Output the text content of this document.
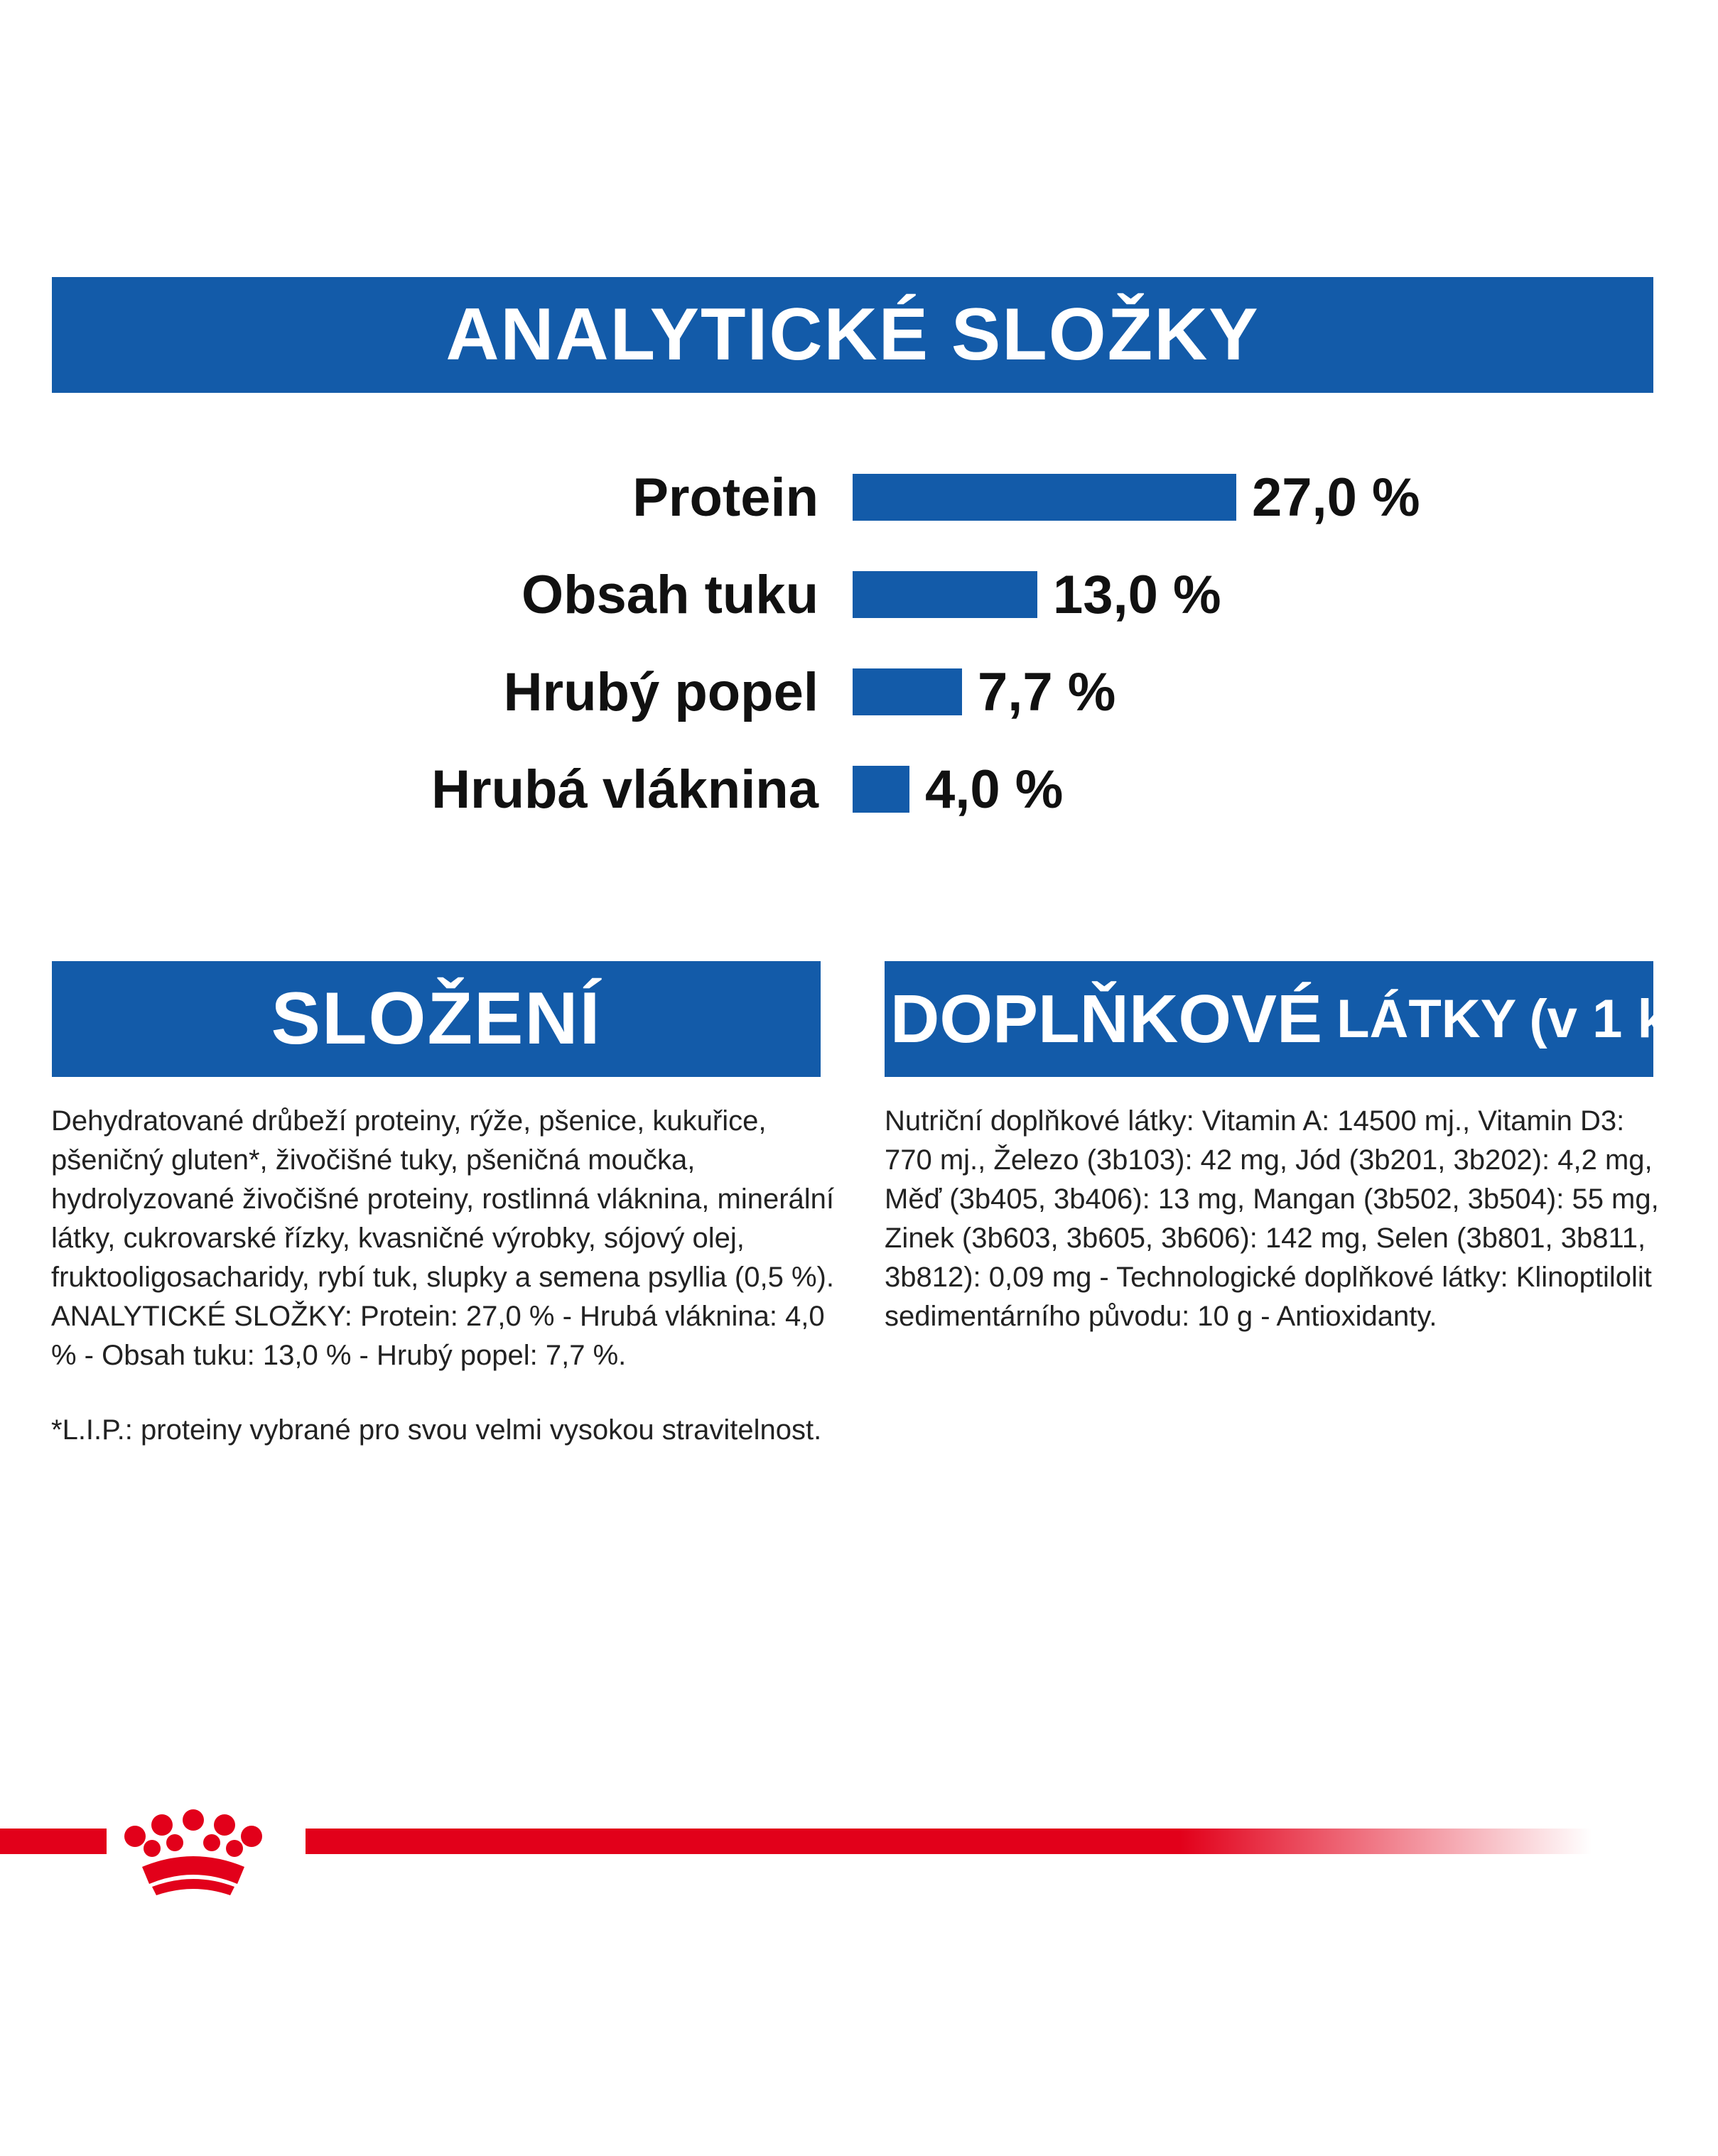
ANALYTICKÉ SLOŽKY
Protein	27,0 %
Obsah tuku	13,0 %
Hrubý popel	7,7 %
Hrubá vláknina 4,0 %
SLOŽENÍ

Dehydratované drůbeží proteiny, rýže, pšenice, kukuřice, pšeničný gluten*, živočišné tuky, pšeničná moučka, hydrolyzované živočišné proteiny, rostlinná vláknina, minerální látky, cukrovarské řízky, kvasničné výrobky, sójový olej, fruktooligosacharidy, rybí tuk, slupky a semena psyllia (0,5 %). ANALYTICKÉ SLOŽKY: Protein: 27,0 % - Hrubá vláknina: 4,0 % - Obsah tuku: 13,0 % - Hrubý popel: 7,7 %.

*L.I.P.: proteiny vybrané pro svou velmi vysokou stravitelnost.

DOPLŇKOVÉ LÁTKY (v 1 kg)

Nutriční doplňkové látky: Vitamin A: 14500 mj., Vitamin D3: 770 mj., Železo (3b103): 42 mg, Jód (3b201, 3b202): 4,2 mg, Měď (3b405, 3b406): 13 mg, Mangan (3b502, 3b504): 55 mg, Zinek (3b603, 3b605, 3b606): 142 mg, Selen (3b801, 3b811, 3b812): 0,09 mg - Technologické doplňkové látky: Klinoptilolit sedimentárního původu: 10 g - Antioxidanty.
